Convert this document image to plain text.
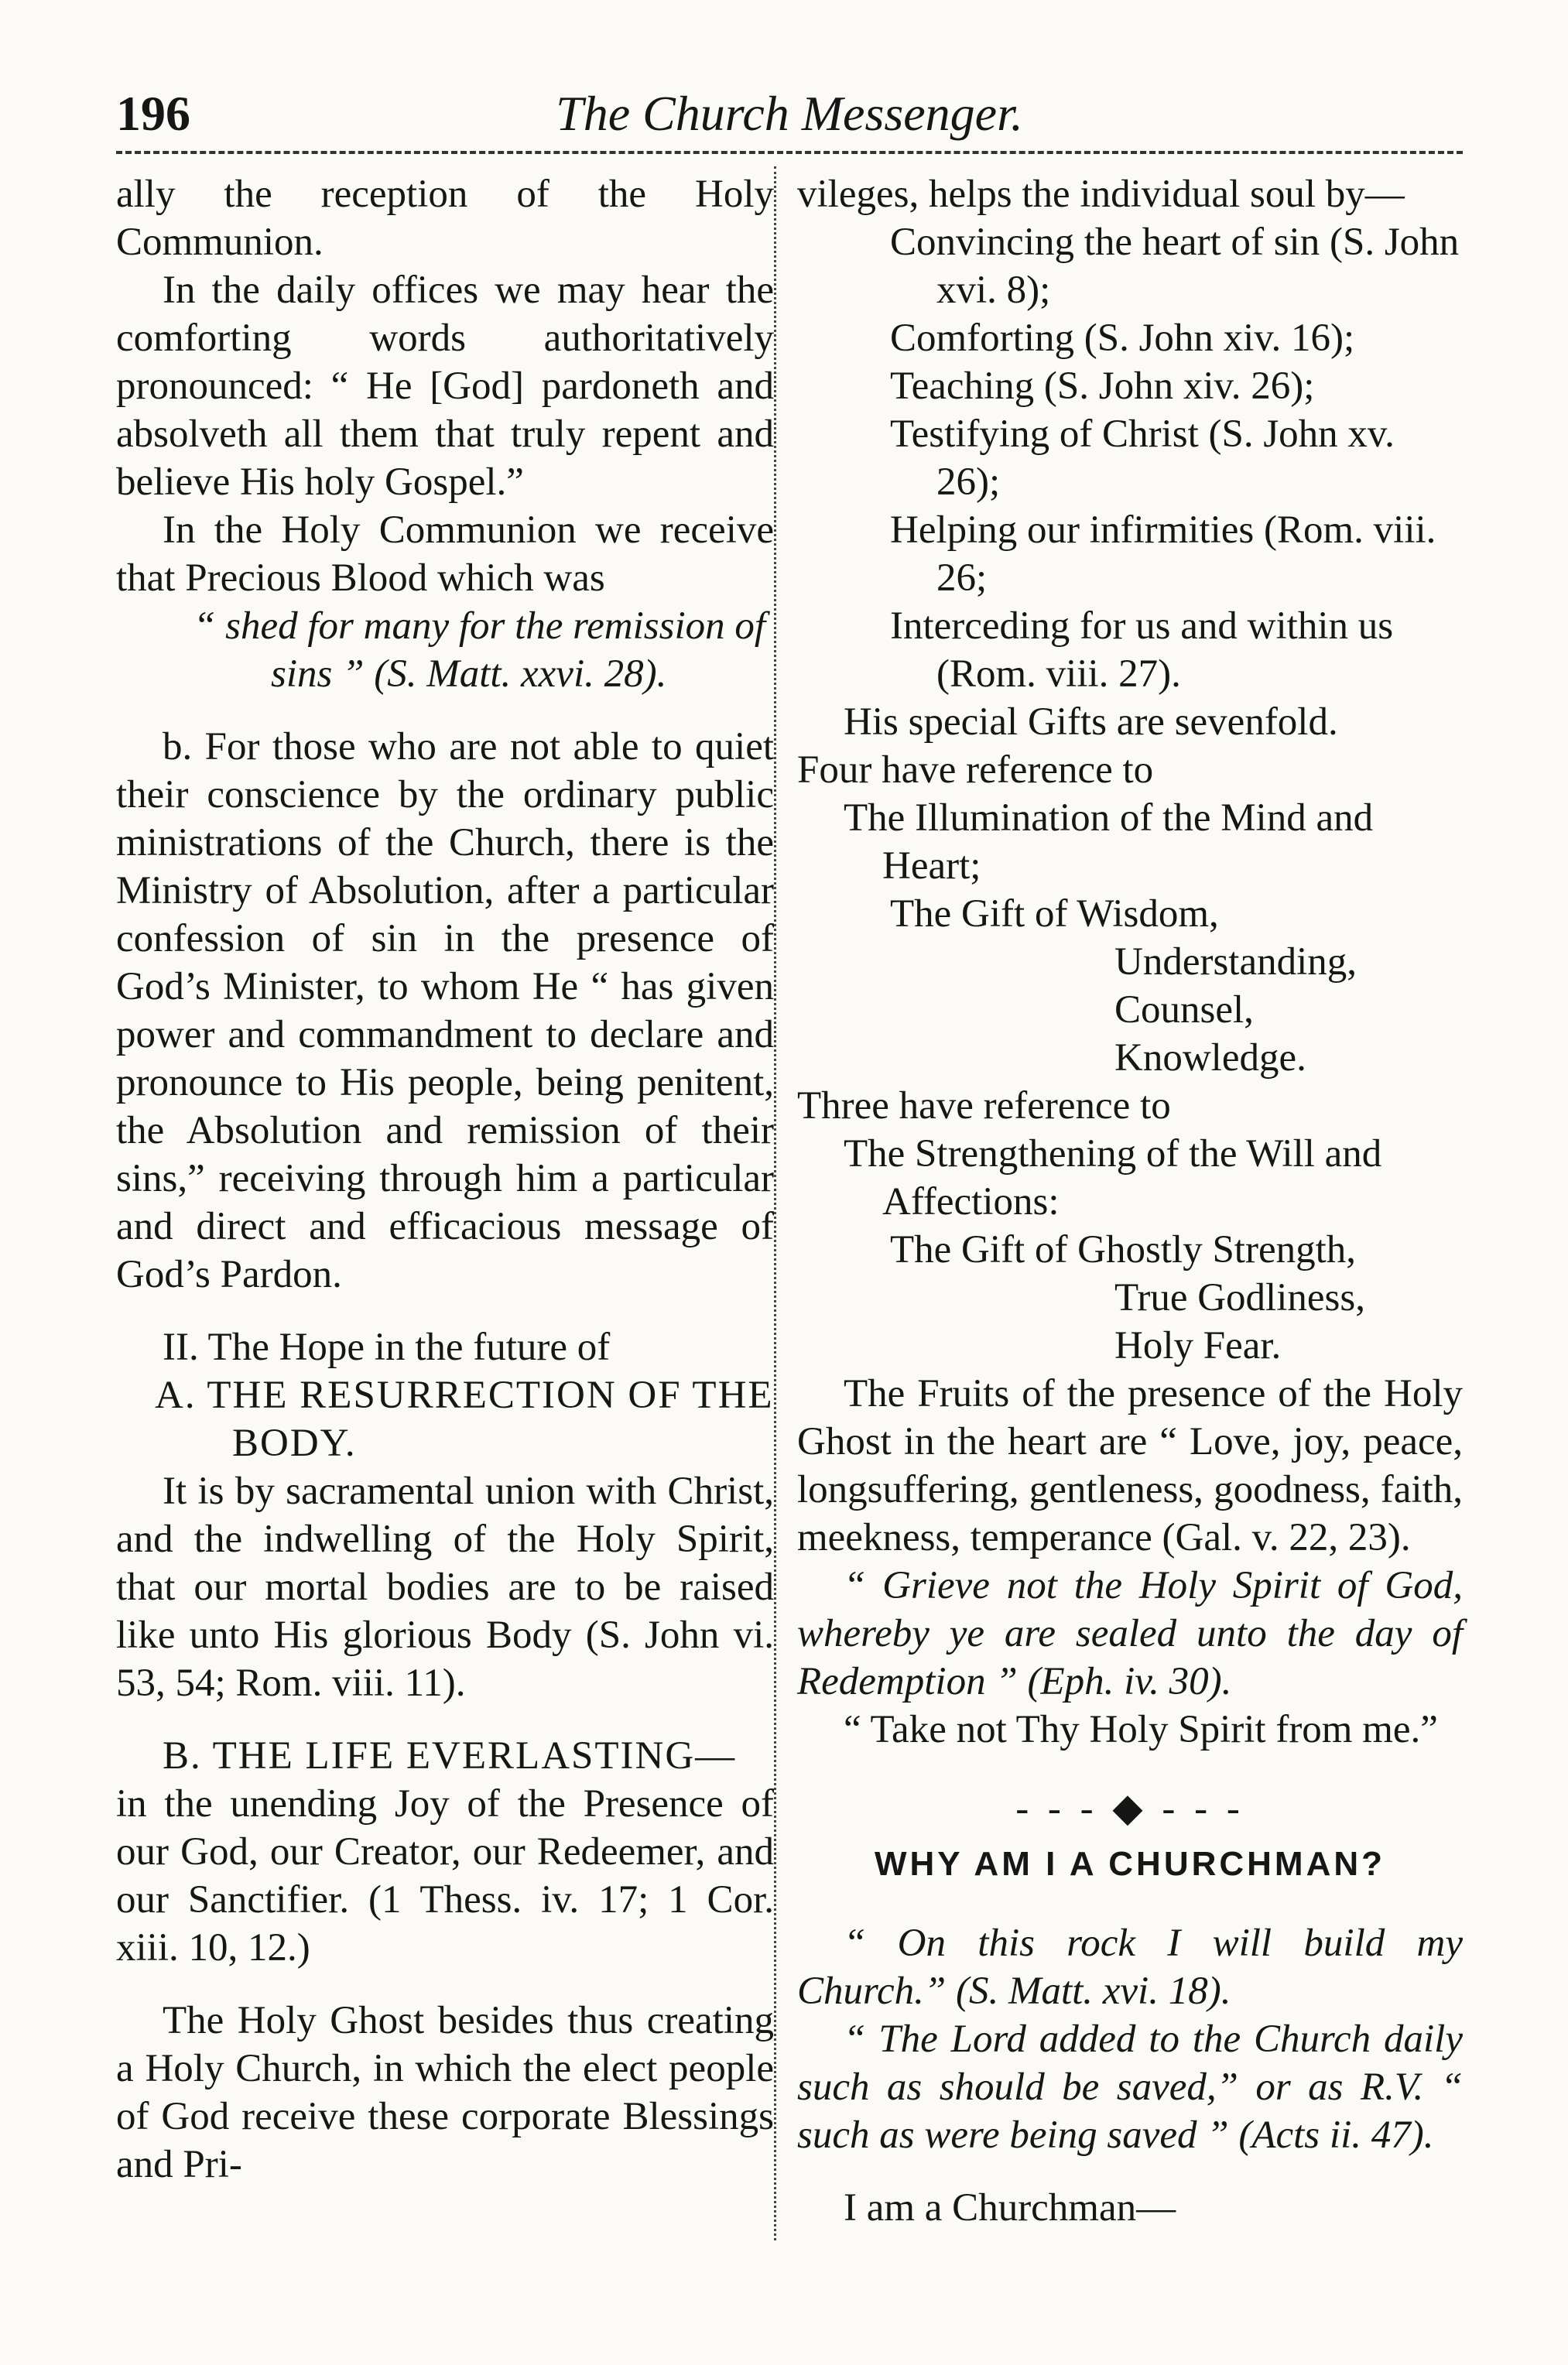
196	The Church Messenger.

ally the reception of the Holy Communion.

In the daily offices we may hear the comforting words authoritatively pronounced: “ He [God] pardoneth and absolveth all them that truly repent and believe His holy Gospel.”

In the Holy Communion we receive that Precious Blood which was

“ shed for many for the remission of sins ” (S. Matt. xxvi. 28).

b. For those who are not able to quiet their conscience by the ordinary public ministrations of the Church, there is the Ministry of Absolution, after a particular confession of sin in the presence of God’s Minister, to whom He “ has given power and commandment to declare and pronounce to His people, being penitent, the Absolution and remission of their sins,” receiving through him a particular and direct and efficacious message of God’s Pardon.

II. The Hope in the future of

A. THE RESURRECTION OF THE BODY.

It is by sacramental union with Christ, and the indwelling of the Holy Spirit, that our mortal bodies are to be raised like unto His glorious Body (S. John vi. 53, 54; Rom. viii. 11).

B. THE LIFE EVERLASTING—

in the unending Joy of the Presence of our God, our Creator, our Redeemer, and our Sanctifier. (1 Thess. iv. 17; 1 Cor. xiii. 10, 12.)

The Holy Ghost besides thus creating a Holy Church, in which the elect people of God receive these corporate Blessings and Pri-

vileges, helps the individual soul by—

Convincing the heart of sin (S. John xvi. 8);

Comforting (S. John xiv. 16);

Teaching (S. John xiv. 26);

Testifying of Christ (S. John xv. 26);

Helping our infirmities (Rom. viii. 26;

Interceding for us and within us (Rom. viii. 27).

His special Gifts are sevenfold.

Four have reference to

The Illumination of the Mind and Heart;

The Gift of Wisdom,

Understanding,

Counsel,

Knowledge.

Three have reference to

The Strengthening of the Will and Affections:

The Gift of Ghostly Strength,

True Godliness,

Holy Fear.

The Fruits of the presence of the Holy Ghost in the heart are “ Love, joy, peace, longsuffering, gentleness, goodness, faith, meekness, temperance (Gal. v. 22, 23).

“ Grieve not the Holy Spirit of God, whereby ye are sealed unto the day of Redemption ” (Eph. iv. 30).

“ Take not Thy Holy Spirit from me.”

- - - ◆ - - -

WHY AM I A CHURCHMAN?

“ On this rock I will build my Church.” (S. Matt. xvi. 18).

“ The Lord added to the Church daily such as should be saved,” or as R.V. “ such as were being saved ” (Acts ii. 47).

I am a Churchman—
